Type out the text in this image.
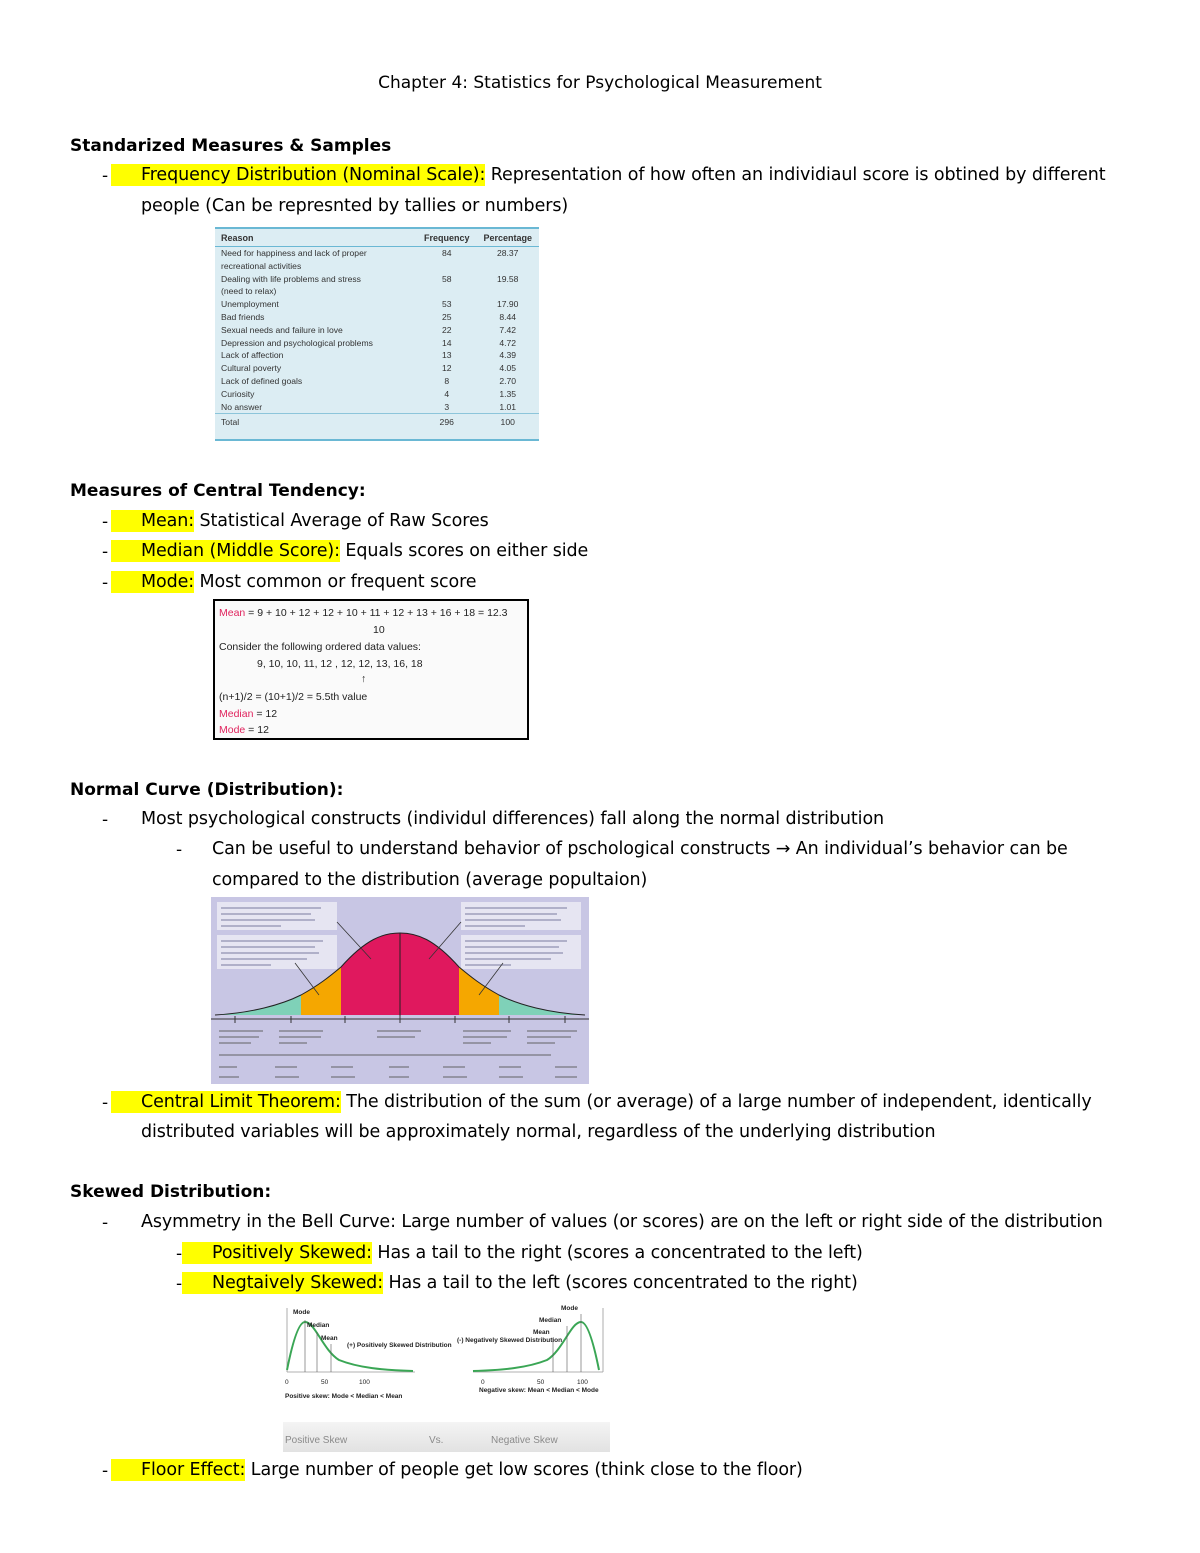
Chapter 4: Statistics for Psychological Measurement
Standarized Measures & Samples
- Frequency Distribution (Nominal Scale): Representation of how often an individiaul score is obtined by different
people (Can be represnted by tallies or numbers)
Reason	Frequency	Percentage
Need for happiness and lack of proper	84	28.37
recreational activities		
Dealing with life problems and stress	58	19.58
(need to relax)		
Unemployment	53	17.90
Bad friends	25	8.44
Sexual needs and failure in love	22	7.42
Depression and psychological problems	14	4.72
Lack of affection	13	4.39
Cultural poverty	12	4.05
Lack of defined goals	8	2.70
Curiosity	4	1.35
No answer	3	1.01
Total	296	100
Measures of Central Tendency:
- Mean: Statistical Average of Raw Scores
- Median (Middle Score): Equals scores on either side
- Mode: Most common or frequent score
Mean = 9 + 10 + 12 + 12 + 10 + 11 + 12 + 13 + 16 + 18 = 12.3
10
Consider the following ordered data values:
9, 10, 10, 11, 12 , 12, 12, 13, 16, 18
↑
(n+1)/2 = (10+1)/2 = 5.5th value
Median = 12
Mode = 12
Normal Curve (Distribution):
- Most psychological constructs (individul differences) fall along the normal distribution
- Can be useful to understand behavior of pschological constructs → An individual’s behavior can be
compared to the distribution (average popultaion)
- Central Limit Theorem: The distribution of the sum (or average) of a large number of independent, identically
distributed variables will be approximately normal, regardless of the underlying distribution
Skewed Distribution:
- Asymmetry in the Bell Curve: Large number of values (or scores) are on the left or right side of the distribution
- Positively Skewed: Has a tail to the right (scores a concentrated to the left)
- Negtaively Skewed: Has a tail to the left (scores concentrated to the right)
Mode
Median
Mean
(+) Positively Skewed Distribution
0	50	100
Positive skew: Mode < Median < Mean
Mode
Median
Mean
(-) Negatively Skewed Distribution
0	50	100
Negative skew: Mean < Median < Mode
Positive Skew	Vs.	Negative Skew
- Floor Effect: Large number of people get low scores (think close to the floor)
